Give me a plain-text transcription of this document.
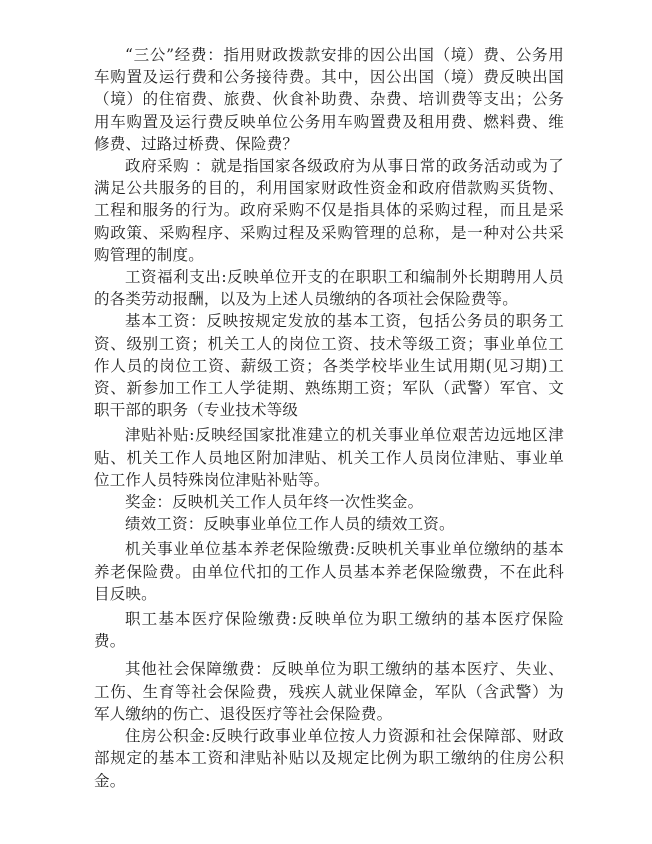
“三公”经费：指用财政拨款安排的因公出国（境）费、公务用车购置及运行费和公务接待费。其中，因公出国（境）费反映出国（境）的住宿费、旅费、伙食补助费、杂费、培训费等支出；公务用车购置及运行费反映单位公务用车购置费及租用费、燃料费、维修费、过路过桥费、保险费？

政府采购 ：就是指国家各级政府为从事日常的政务活动或为了满足公共服务的目的，利用国家财政性资金和政府借款购买货物、工程和服务的行为。政府采购不仅是指具体的采购过程，而且是采购政策、采购程序、采购过程及采购管理的总称，是一种对公共采购管理的制度。

工资福利支出:反映单位开支的在职职工和编制外长期聘用人员的各类劳动报酬，以及为上述人员缴纳的各项社会保险费等。

基本工资：反映按规定发放的基本工资，包括公务员的职务工资、级别工资；机关工人的岗位工资、技术等级工资；事业单位工作人员的岗位工资、薪级工资；各类学校毕业生试用期(见习期)工资、新参加工作工人学徒期、熟练期工资；军队（武警）军官、文职干部的职务（专业技术等级

津贴补贴:反映经国家批准建立的机关事业单位艰苦边远地区津贴、机关工作人员地区附加津贴、机关工作人员岗位津贴、事业单位工作人员特殊岗位津贴补贴等。

奖金：反映机关工作人员年终一次性奖金。

绩效工资：反映事业单位工作人员的绩效工资。

机关事业单位基本养老保险缴费:反映机关事业单位缴纳的基本养老保险费。由单位代扣的工作人员基本养老保险缴费，不在此科目反映。

职工基本医疗保险缴费:反映单位为职工缴纳的基本医疗保险费。

其他社会保障缴费：反映单位为职工缴纳的基本医疗、失业、工伤、生育等社会保险费，残疾人就业保障金，军队（含武警）为军人缴纳的伤亡、退役医疗等社会保险费。

住房公积金:反映行政事业单位按人力资源和社会保障部、财政部规定的基本工资和津贴补贴以及规定比例为职工缴纳的住房公积金。
